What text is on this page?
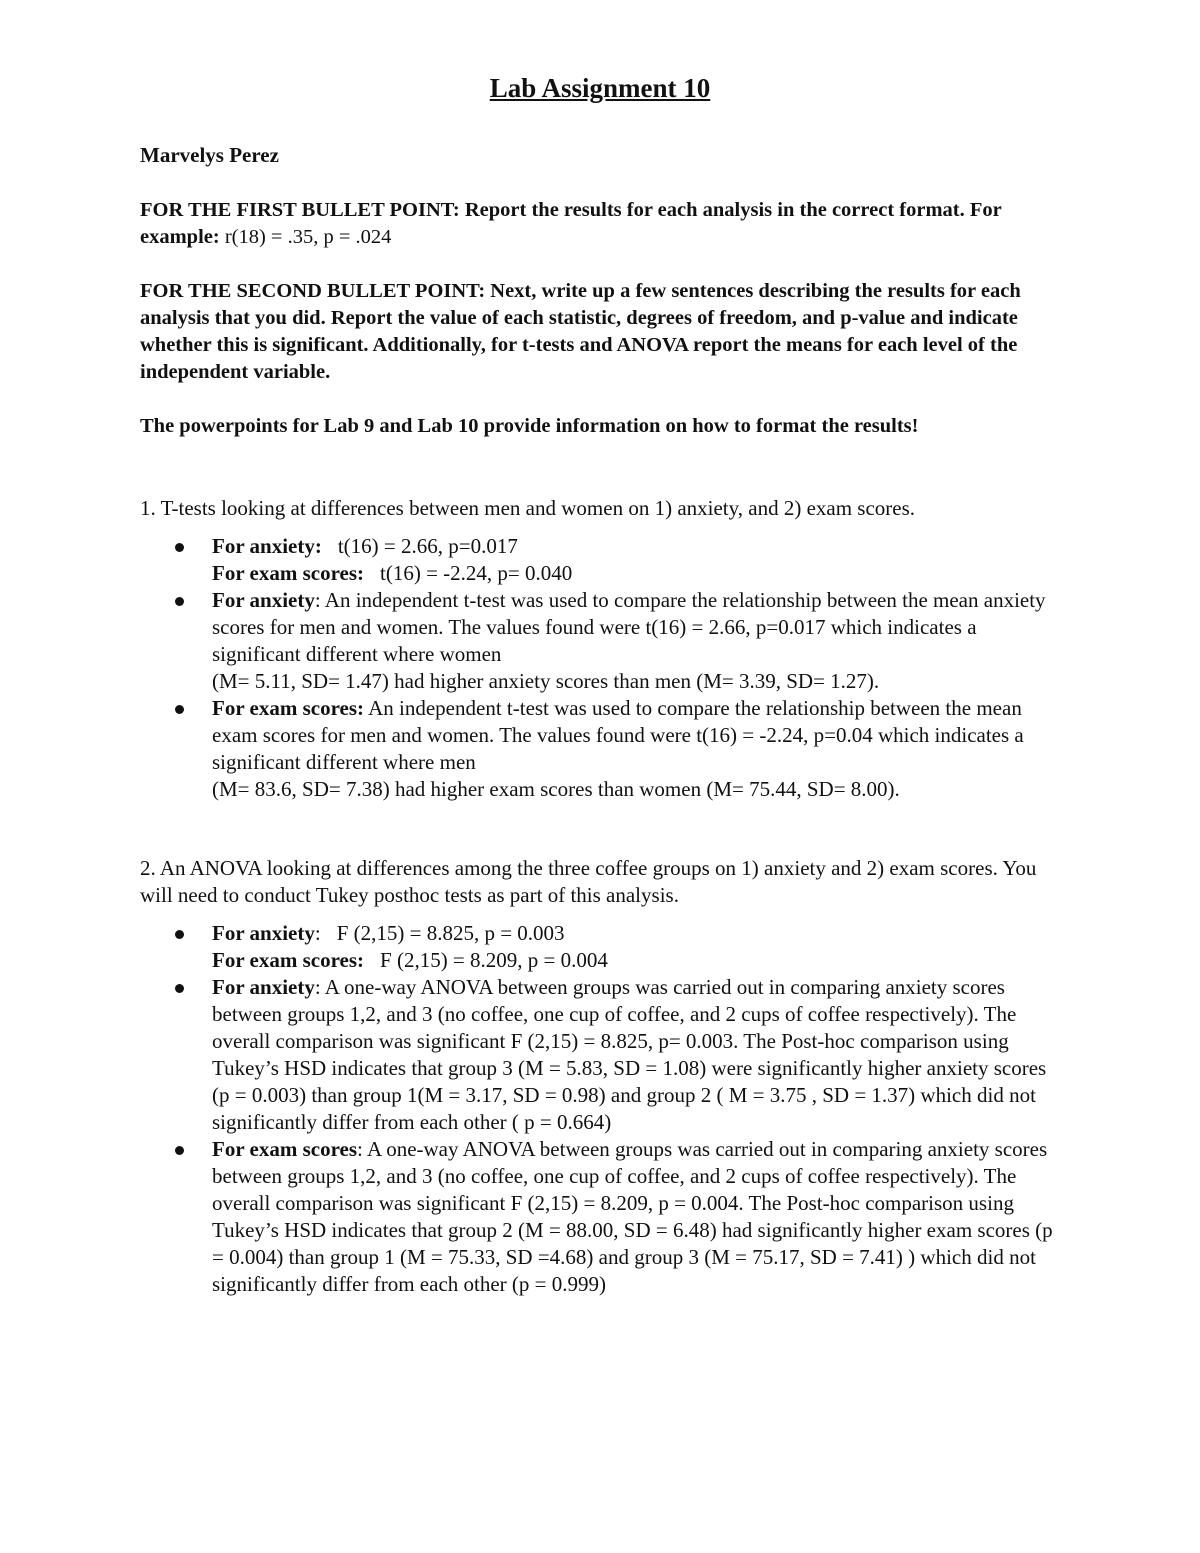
Lab Assignment 10
Marvelys Perez
FOR THE FIRST BULLET POINT: Report the results for each analysis in the correct format. For example: r(18) = .35, p = .024
FOR THE SECOND BULLET POINT: Next, write up a few sentences describing the results for each analysis that you did. Report the value of each statistic, degrees of freedom, and p-value and indicate whether this is significant. Additionally, for t-tests and ANOVA report the means for each level of the independent variable.
The powerpoints for Lab 9 and Lab 10 provide information on how to format the results!
1. T-tests looking at differences between men and women on 1) anxiety, and 2) exam scores.
For anxiety: t(16) = 2.66, p=0.017
For exam scores: t(16) = -2.24, p= 0.040
For anxiety: An independent t-test was used to compare the relationship between the mean anxiety scores for men and women. The values found were t(16) = 2.66, p=0.017 which indicates a significant different where women
(M= 5.11, SD= 1.47) had higher anxiety scores than men (M= 3.39, SD= 1.27).
For exam scores: An independent t-test was used to compare the relationship between the mean exam scores for men and women. The values found were t(16) = -2.24, p=0.04 which indicates a significant different where men
(M= 83.6, SD= 7.38) had higher exam scores than women (M= 75.44, SD= 8.00).
2. An ANOVA looking at differences among the three coffee groups on 1) anxiety and 2) exam scores. You will need to conduct Tukey posthoc tests as part of this analysis.
For anxiety: F (2,15) = 8.825, p = 0.003
For exam scores: F (2,15) = 8.209, p = 0.004
For anxiety: A one-way ANOVA between groups was carried out in comparing anxiety scores between groups 1,2, and 3 (no coffee, one cup of coffee, and 2 cups of coffee respectively). The overall comparison was significant F (2,15) = 8.825, p= 0.003. The Post-hoc comparison using Tukey’s HSD indicates that group 3 (M = 5.83, SD = 1.08) were significantly higher anxiety scores (p = 0.003) than group 1(M = 3.17, SD = 0.98) and group 2 ( M = 3.75 , SD = 1.37) which did not significantly differ from each other ( p = 0.664)
For exam scores: A one-way ANOVA between groups was carried out in comparing anxiety scores between groups 1,2, and 3 (no coffee, one cup of coffee, and 2 cups of coffee respectively). The overall comparison was significant F (2,15) = 8.209, p = 0.004. The Post-hoc comparison using Tukey’s HSD indicates that group 2 (M = 88.00, SD = 6.48) had significantly higher exam scores (p = 0.004) than group 1 (M = 75.33, SD =4.68) and group 3 (M = 75.17, SD = 7.41) ) which did not significantly differ from each other (p = 0.999)
